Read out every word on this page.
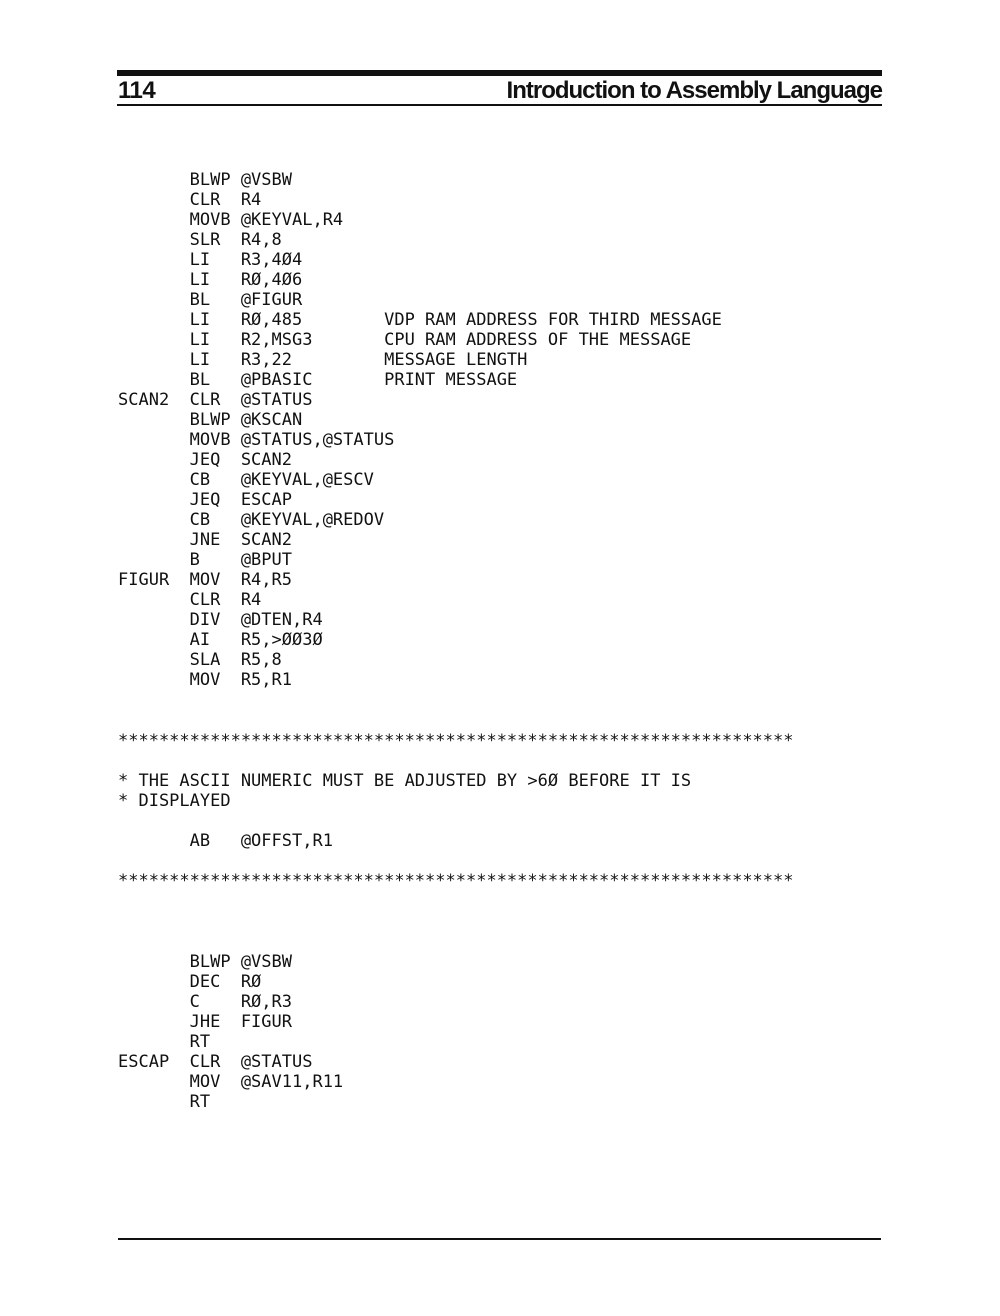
114	Introduction to Assembly Language
BLWP @VSBW
CLR  R4
MOVB @KEYVAL,R4
SLR  R4,8
LI   R3,4Ø4
LI   RØ,4Ø6
BL   @FIGUR
LI   RØ,485        VDP RAM ADDRESS FOR THIRD MESSAGE
LI   R2,MSG3       CPU RAM ADDRESS OF THE MESSAGE
LI   R3,22         MESSAGE LENGTH
BL   @PBASIC       PRINT MESSAGE
SCAN2  CLR  @STATUS
BLWP @KSCAN
MOVB @STATUS,@STATUS
JEQ  SCAN2
CB   @KEYVAL,@ESCV
JEQ  ESCAP
CB   @KEYVAL,@REDOV
JNE  SCAN2
B    @BPUT
FIGUR  MOV  R4,R5
CLR  R4
DIV  @DTEN,R4
AI   R5,>ØØ3Ø
SLA  R5,8
MOV  R5,R1
******************************************************************

* THE ASCII NUMERIC MUST BE ADJUSTED BY >6Ø BEFORE IT IS
* DISPLAYED

AB   @OFFST,R1

******************************************************************
BLWP @VSBW
DEC  RØ
C    RØ,R3
JHE  FIGUR
RT
ESCAP  CLR  @STATUS
MOV  @SAV11,R11
RT
